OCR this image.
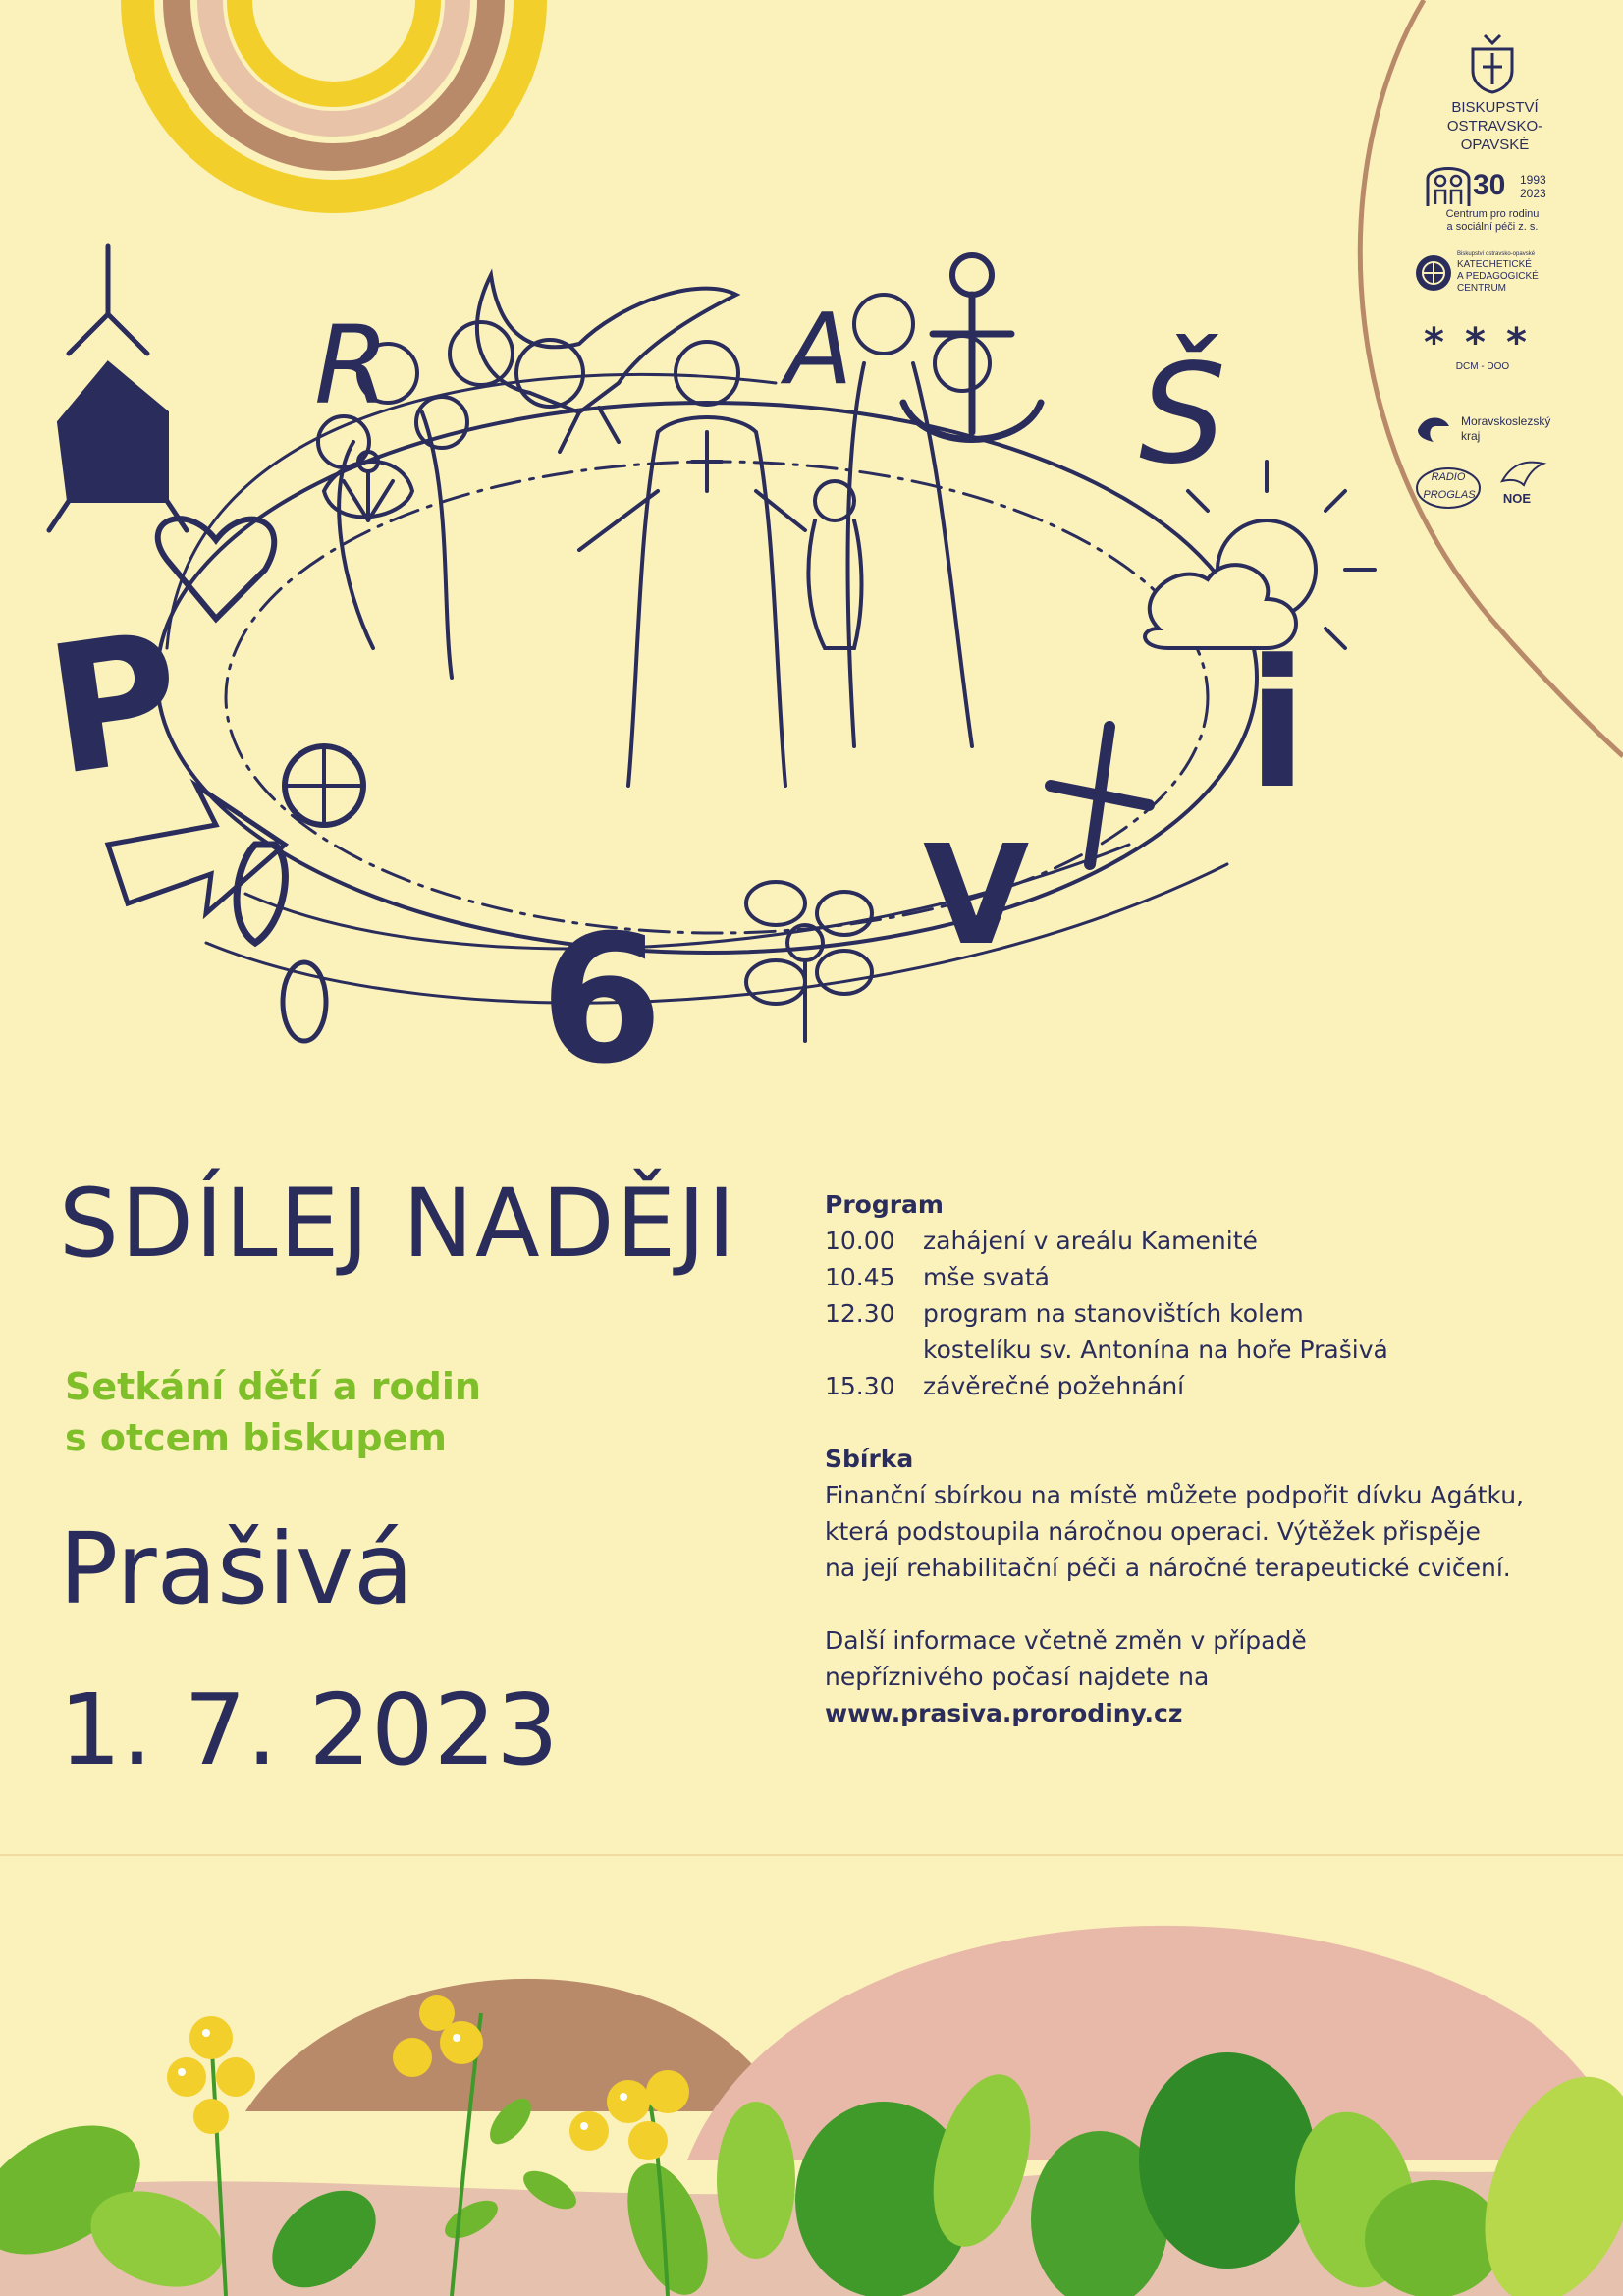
BISKUPSTVÍ
OSTRAVSKO-OPAVSKÉ
30	1993
2023
Centrum pro rodinu
a sociální péči z. s.
Biskupství ostravsko-opavské
KATECHETICKÉ
A PEDAGOGICKÉ
CENTRUM
* * *
DCM - DOO
Moravskoslezský
kraj
RADIO
PROGLAS	NOE
P
R	A Š
i
V
6
SDÍLEJ NADĚJI
Setkání dětí a rodin
s otcem biskupem
Prašivá
1. 7. 2023
Program
10.00	zahájení v areálu Kamenité
10.45	mše svatá
12.30	program na stanovištích kolem
kostelíku sv. Antonína na hoře Prašivá
15.30	závěrečné požehnání
Sbírka

Finanční sbírkou na místě můžete podpořit dívku Agátku,
která podstoupila náročnou operaci. Výtěžek přispěje
na její rehabilitační péči a náročné terapeutické cvičení.

Další informace včetně změn v případě
nepříznivého počasí najdete na

www.prasiva.prorodiny.cz
